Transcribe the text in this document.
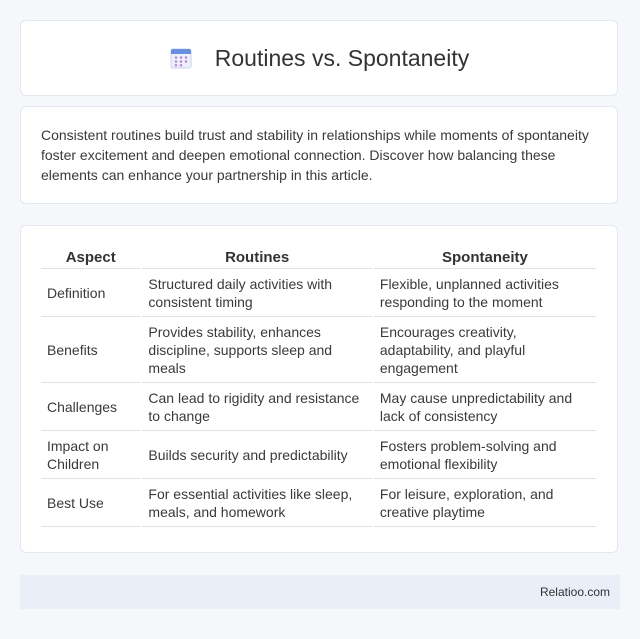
Routines vs. Spontaneity

Consistent routines build trust and stability in relationships while moments of spontaneity foster excitement and deepen emotional connection. Discover how balancing these elements can enhance your partnership in this article.

Aspect	Routines	Spontaneity
Definition	Structured daily activities with consistent timing	Flexible, unplanned activities responding to the moment
Benefits	Provides stability, enhances discipline, supports sleep and meals	Encourages creativity, adaptability, and playful engagement
Challenges	Can lead to rigidity and resistance to change	May cause unpredictability and lack of consistency
Impact on Children	Builds security and predictability	Fosters problem-solving and emotional flexibility
Best Use	For essential activities like sleep, meals, and homework	For leisure, exploration, and creative playtime
Relatioo.com
